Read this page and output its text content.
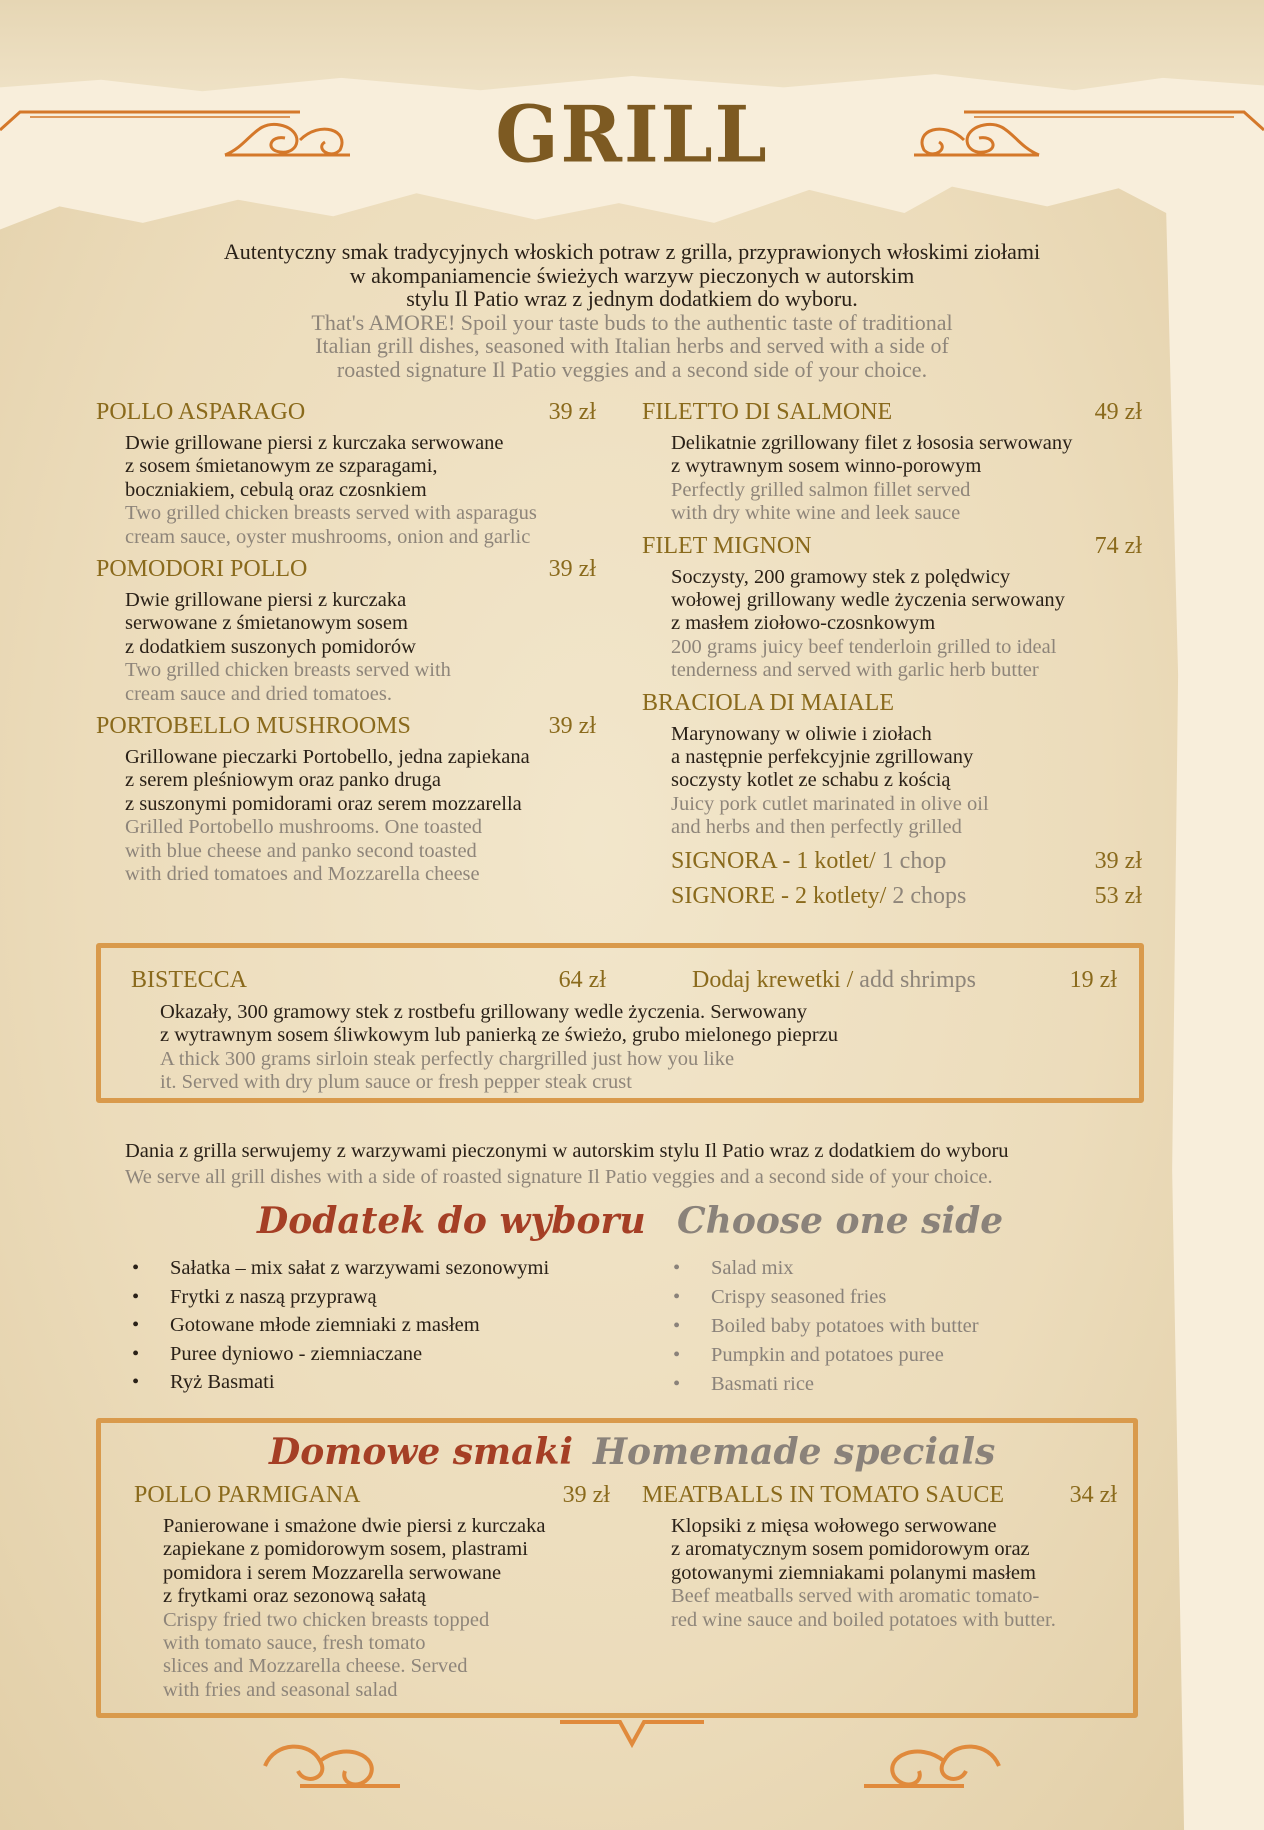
GRILL
Autentyczny smak tradycyjnych włoskich potraw z grilla, przyprawionych włoskimi ziołami
w akompaniamencie świeżych warzyw pieczonych w autorskim
stylu Il Patio wraz z jednym dodatkiem do wyboru.
That's AMORE! Spoil your taste buds to the authentic taste of traditional
Italian grill dishes, seasoned with Italian herbs and served with a side of
roasted signature Il Patio veggies and a second side of your choice.
POLLO ASPARAGO	39 zł
Dwie grillowane piersi z kurczaka serwowane
z sosem śmietanowym ze szparagami,
boczniakiem, cebulą oraz czosnkiem
Two grilled chicken breasts served with asparagus
cream sauce, oyster mushrooms, onion and garlic
POMODORI POLLO	39 zł
Dwie grillowane piersi z kurczaka
serwowane z śmietanowym sosem
z dodatkiem suszonych pomidorów
Two grilled chicken breasts served with
cream sauce and dried tomatoes.
PORTOBELLO MUSHROOMS	39 zł
Grillowane pieczarki Portobello, jedna zapiekana
z serem pleśniowym oraz panko druga
z suszonymi pomidorami oraz serem mozzarella
Grilled Portobello mushrooms. One toasted
with blue cheese and panko second toasted
with dried tomatoes and Mozzarella cheese
FILETTO DI SALMONE	49 zł
Delikatnie zgrillowany filet z łososia serwowany
z wytrawnym sosem winno-porowym
Perfectly grilled salmon fillet served
with dry white wine and leek sauce
FILET MIGNON	74 zł
Soczysty, 200 gramowy stek z polędwicy
wołowej grillowany wedle życzenia serwowany
z masłem ziołowo-czosnkowym
200 grams juicy beef tenderloin grilled to ideal
tenderness and served with garlic herb butter
BRACIOLA DI MAIALE
Marynowany w oliwie i ziołach
a następnie perfekcyjnie zgrillowany
soczysty kotlet ze schabu z kością
Juicy pork cutlet marinated in olive oil
and herbs and then perfectly grilled
SIGNORA - 1 kotlet/ 1 chop	39 zł
SIGNORE - 2 kotlety/ 2 chops	53 zł
BISTECCA	64 zł	Dodaj krewetki / add shrimps	19 zł
Okazały, 300 gramowy stek z rostbefu grillowany wedle życzenia. Serwowany
z wytrawnym sosem śliwkowym lub panierką ze świeżo, grubo mielonego pieprzu
A thick 300 grams sirloin steak perfectly chargrilled just how you like
it. Served with dry plum sauce or fresh pepper steak crust
Dania z grilla serwujemy z warzywami pieczonymi w autorskim stylu Il Patio wraz z dodatkiem do wyboru
We serve all grill dishes with a side of roasted signature Il Patio veggies and a second side of your choice.
Dodatek do wyboru Choose one side
• Sałatka – mix sałat z warzywami sezonowymi
• Frytki z naszą przyprawą
• Gotowane młode ziemniaki z masłem
• Puree dyniowo - ziemniaczane
• Ryż Basmati
• Salad mix
• Crispy seasoned fries
• Boiled baby potatoes with butter
• Pumpkin and potatoes puree
• Basmati rice
Domowe smaki Homemade specials
POLLO PARMIGANA	39 zł
Panierowane i smażone dwie piersi z kurczaka
zapiekane z pomidorowym sosem, plastrami
pomidora i serem Mozzarella serwowane
z frytkami oraz sezonową sałatą
Crispy fried two chicken breasts topped
with tomato sauce, fresh tomato
slices and Mozzarella cheese. Served
with fries and seasonal salad
MEATBALLS IN TOMATO SAUCE	34 zł
Klopsiki z mięsa wołowego serwowane
z aromatycznym sosem pomidorowym oraz
gotowanymi ziemniakami polanymi masłem
Beef meatballs served with aromatic tomato-
red wine sauce and boiled potatoes with butter.
